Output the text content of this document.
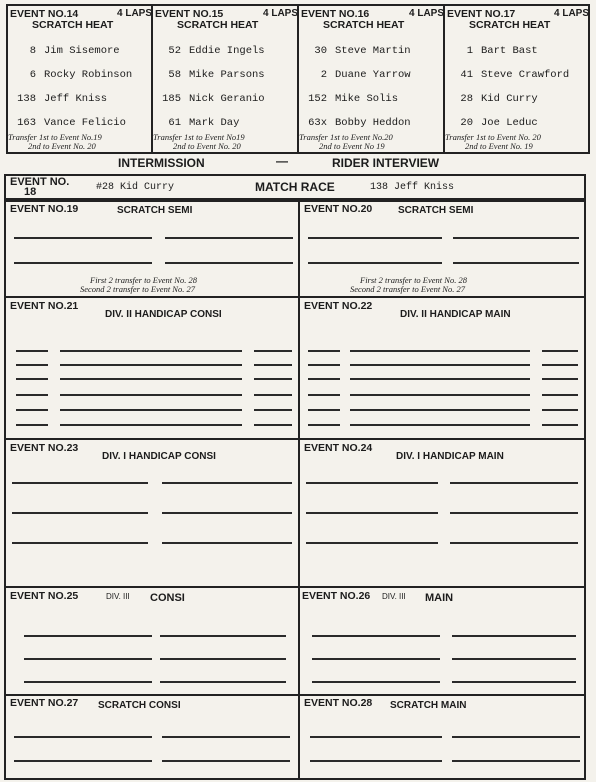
EVENT NO.14	4 LAPS
SCRATCH HEAT
8 Jim Sisemore
6 Rocky Robinson
138 Jeff Kniss
163 Vance Felicio
Transfer 1st to Event No.19
2nd to Event No. 20
EVENT NO.15	4 LAPS
SCRATCH HEAT
52 Eddie Ingels
58 Mike Parsons
185 Nick Geranio
61 Mark Day
Transfer 1st to Event No19
2nd to Event No. 20
EVENT NO.16	4 LAPS
SCRATCH HEAT
30 Steve Martin
2 Duane Yarrow
152 Mike Solis
63x Bobby Heddon
Transfer 1st to Event No.20
2nd to Event No 19
EVENT NO.17	4 LAPS
SCRATCH HEAT
1 Bart Bast
41 Steve Crawford
28 Kid Curry
20 Joe Leduc
Transfer 1st to Event No. 20
2nd to Event No. 19
INTERMISSION	—	RIDER INTERVIEW
EVENT NO.
18	#28 Kid Curry	MATCH RACE	138 Jeff Kniss
EVENT NO.19	SCRATCH SEMI	EVENT NO.20	SCRATCH SEMI
First 2 transfer to Event No. 28
Second 2 transfer to Event No. 27
First 2 transfer to Event No. 28
Second 2 transfer to Event No. 27
EVENT NO.21
DIV. II HANDICAP CONSI
EVENT NO.22
DIV. II HANDICAP MAIN
EVENT NO.23
DIV. I HANDICAP CONSI
EVENT NO.24
DIV. I HANDICAP MAIN
EVENT NO.25	DIV. III CONSI	EVENT NO.26 DIV. III MAIN
EVENT NO.27 SCRATCH CONSI	EVENT NO.28 SCRATCH MAIN
